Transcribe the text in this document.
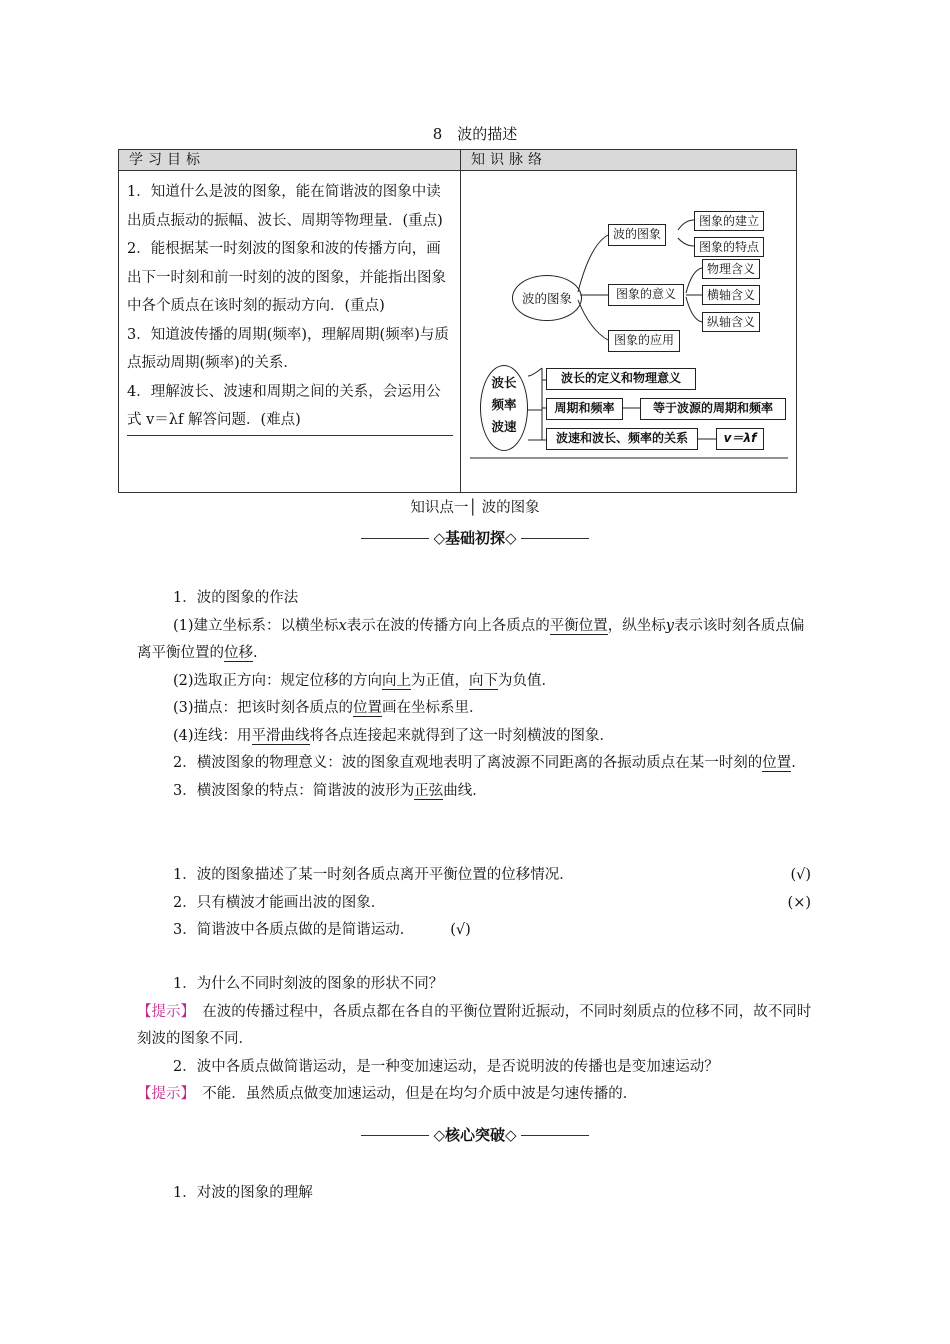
8　波的描述
学习目标	知识脉络

1．知道什么是波的图象，能在简谐波的图象中读出质点振动的振幅、波长、周期等物理量．(重点)

2．能根据某一时刻波的图象和波的传播方向，画出下一时刻和前一时刻的波的图象，并能指出图象中各个质点在该时刻的振动方向．(重点)

3．知道波传播的周期(频率)，理解周期(频率)与质点振动周期(频率)的关系．

4．理解波长、波速和周期之间的关系，会运用公式 v＝λf 解答问题．(难点)

波的图象
波的图象
图象的建立
图象的特点
图象的意义
物理含义
横轴含义
纵轴含义
图象的应用
波长
频率
波速
波长的定义和物理意义
周期和频率	等于波源的周期和频率
波速和波长、频率的关系	v＝λf
知识点一│ 波的图象
◇基础初探◇

1．波的图象的作法

(1)建立坐标系：以横坐标x表示在波的传播方向上各质点的平衡位置，纵坐标y表示该时刻各质点偏离平衡位置的位移.

(2)选取正方向：规定位移的方向向上为正值，向下为负值．

(3)描点：把该时刻各质点的位置画在坐标系里．

(4)连线：用平滑曲线将各点连接起来就得到了这一时刻横波的图象．

2．横波图象的物理意义：波的图象直观地表明了离波源不同距离的各振动质点在某一时刻的位置.

3．横波图象的特点：简谐波的波形为正弦曲线．

1．波的图象描述了某一时刻各质点离开平衡位置的位移情况．	(√)

2．只有横波才能画出波的图象．	(×)

3．简谐波中各质点做的是简谐运动． (√)

1．为什么不同时刻波的图象的形状不同？

【提示】　 在波的传播过程中，各质点都在各自的平衡位置附近振动，不同时刻质点的位移不同，故不同时刻波的图象不同．

2．波中各质点做简谐运动，是一种变加速运动，是否说明波的传播也是变加速运动？

【提示】　 不能．虽然质点做变加速运动，但是在均匀介质中波是匀速传播的．

◇核心突破◇

1．对波的图象的理解
